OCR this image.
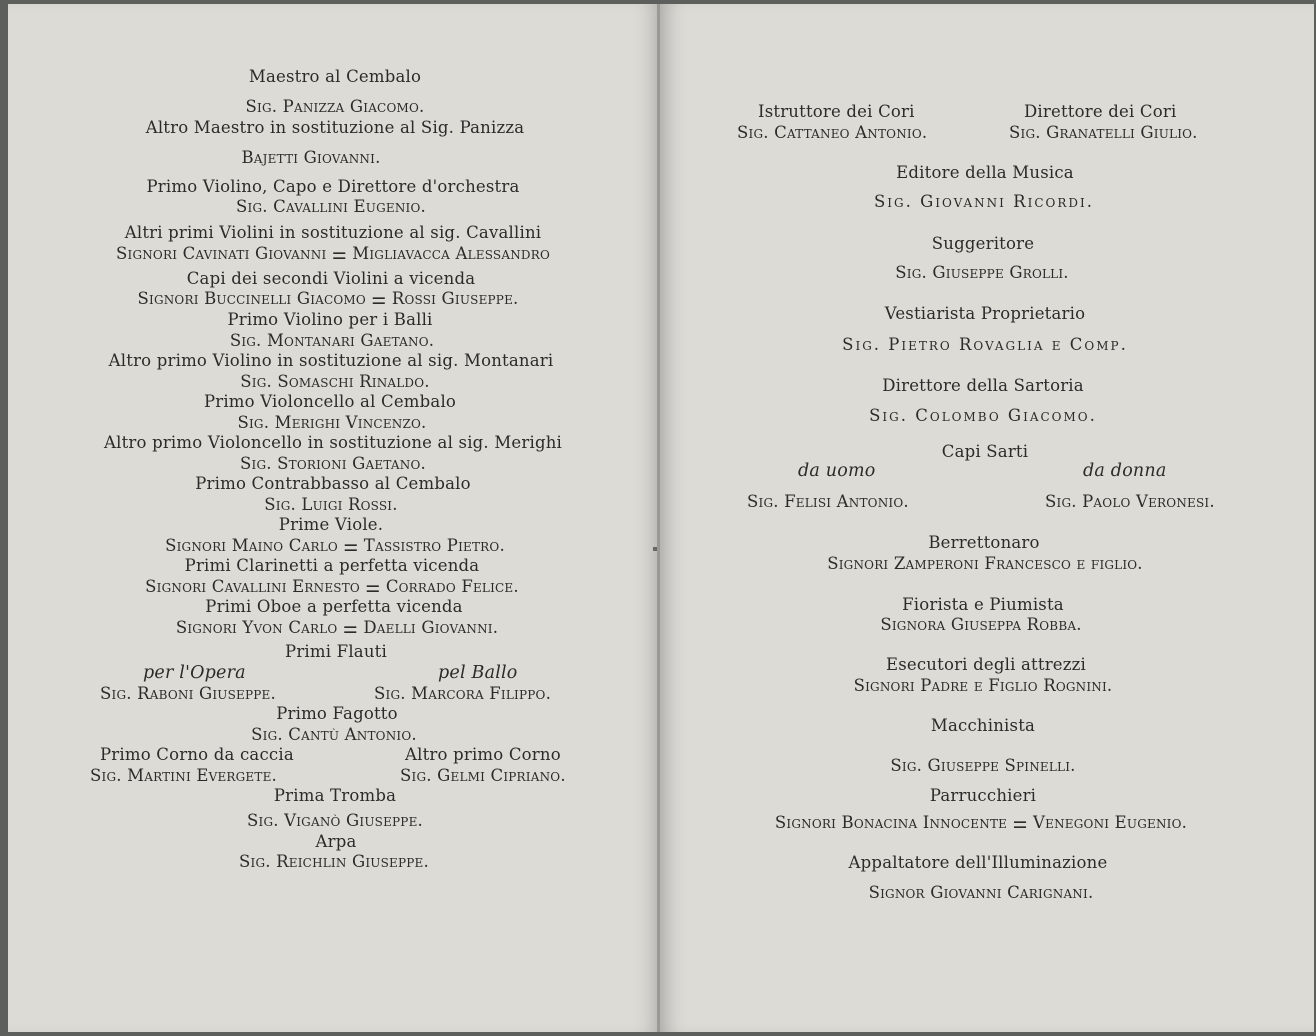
Maestro al Cembalo

Sig. Panizza Giacomo.

Altro Maestro in sostituzione al Sig. Panizza

Bajetti Giovanni.

Primo Violino, Capo e Direttore d'orchestra

Sig. Cavallini Eugenio.

Altri primi Violini in sostituzione al sig. Cavallini

Signori Cavinati Giovanni ⚌ Migliavacca Alessandro

Capi dei secondi Violini a vicenda

Signori Buccinelli Giacomo ⚌ Rossi Giuseppe.

Primo Violino per i Balli

Sig. Montanari Gaetano.

Altro primo Violino in sostituzione al sig. Montanari

Sig. Somaschi Rinaldo.

Primo Violoncello al Cembalo

Sig. Merighi Vincenzo.

Altro primo Violoncello in sostituzione al sig. Merighi

Sig. Storioni Gaetano.

Primo Contrabbasso al Cembalo

Sig. Luigi Rossi.

Prime Viole.

Signori Maino Carlo ⚌ Tassistro Pietro.

Primi Clarinetti a perfetta vicenda

Signori Cavallini Ernesto ⚌ Corrado Felice.

Primi Oboe a perfetta vicenda

Signori Yvon Carlo ⚌ Daelli Giovanni.

Primi Flauti

per l'Opera	pel Ballo

Sig. Raboni Giuseppe.	Sig. Marcora Filippo.

Primo Fagotto

Sig. Cantù Antonio.

Primo Corno da caccia	Altro primo Corno

Sig. Martini Evergete.	Sig. Gelmi Cipriano.

Prima Tromba

Sig. Viganò Giuseppe.

Arpa

Sig. Reichlin Giuseppe.

Istruttore dei Cori	Direttore dei Cori

Sig. Cattaneo Antonio.	Sig. Granatelli Giulio.

Editore della Musica

Sig. Giovanni Ricordi.

Suggeritore

Sig. Giuseppe Grolli.

Vestiarista Proprietario

Sig. Pietro Rovaglia e Comp.

Direttore della Sartoria

Sig. Colombo Giacomo.

Capi Sarti

da uomo	da donna

Sig. Felisi Antonio.	Sig. Paolo Veronesi.

Berrettonaro

Signori Zamperoni Francesco e figlio.

Fiorista e Piumista

Signora Giuseppa Robba.

Esecutori degli attrezzi

Signori Padre e Figlio Rognini.

Macchinista

Sig. Giuseppe Spinelli.

Parrucchieri

Signori Bonacina Innocente ⚌ Venegoni Eugenio.

Appaltatore dell'Illuminazione

Signor Giovanni Carignani.
